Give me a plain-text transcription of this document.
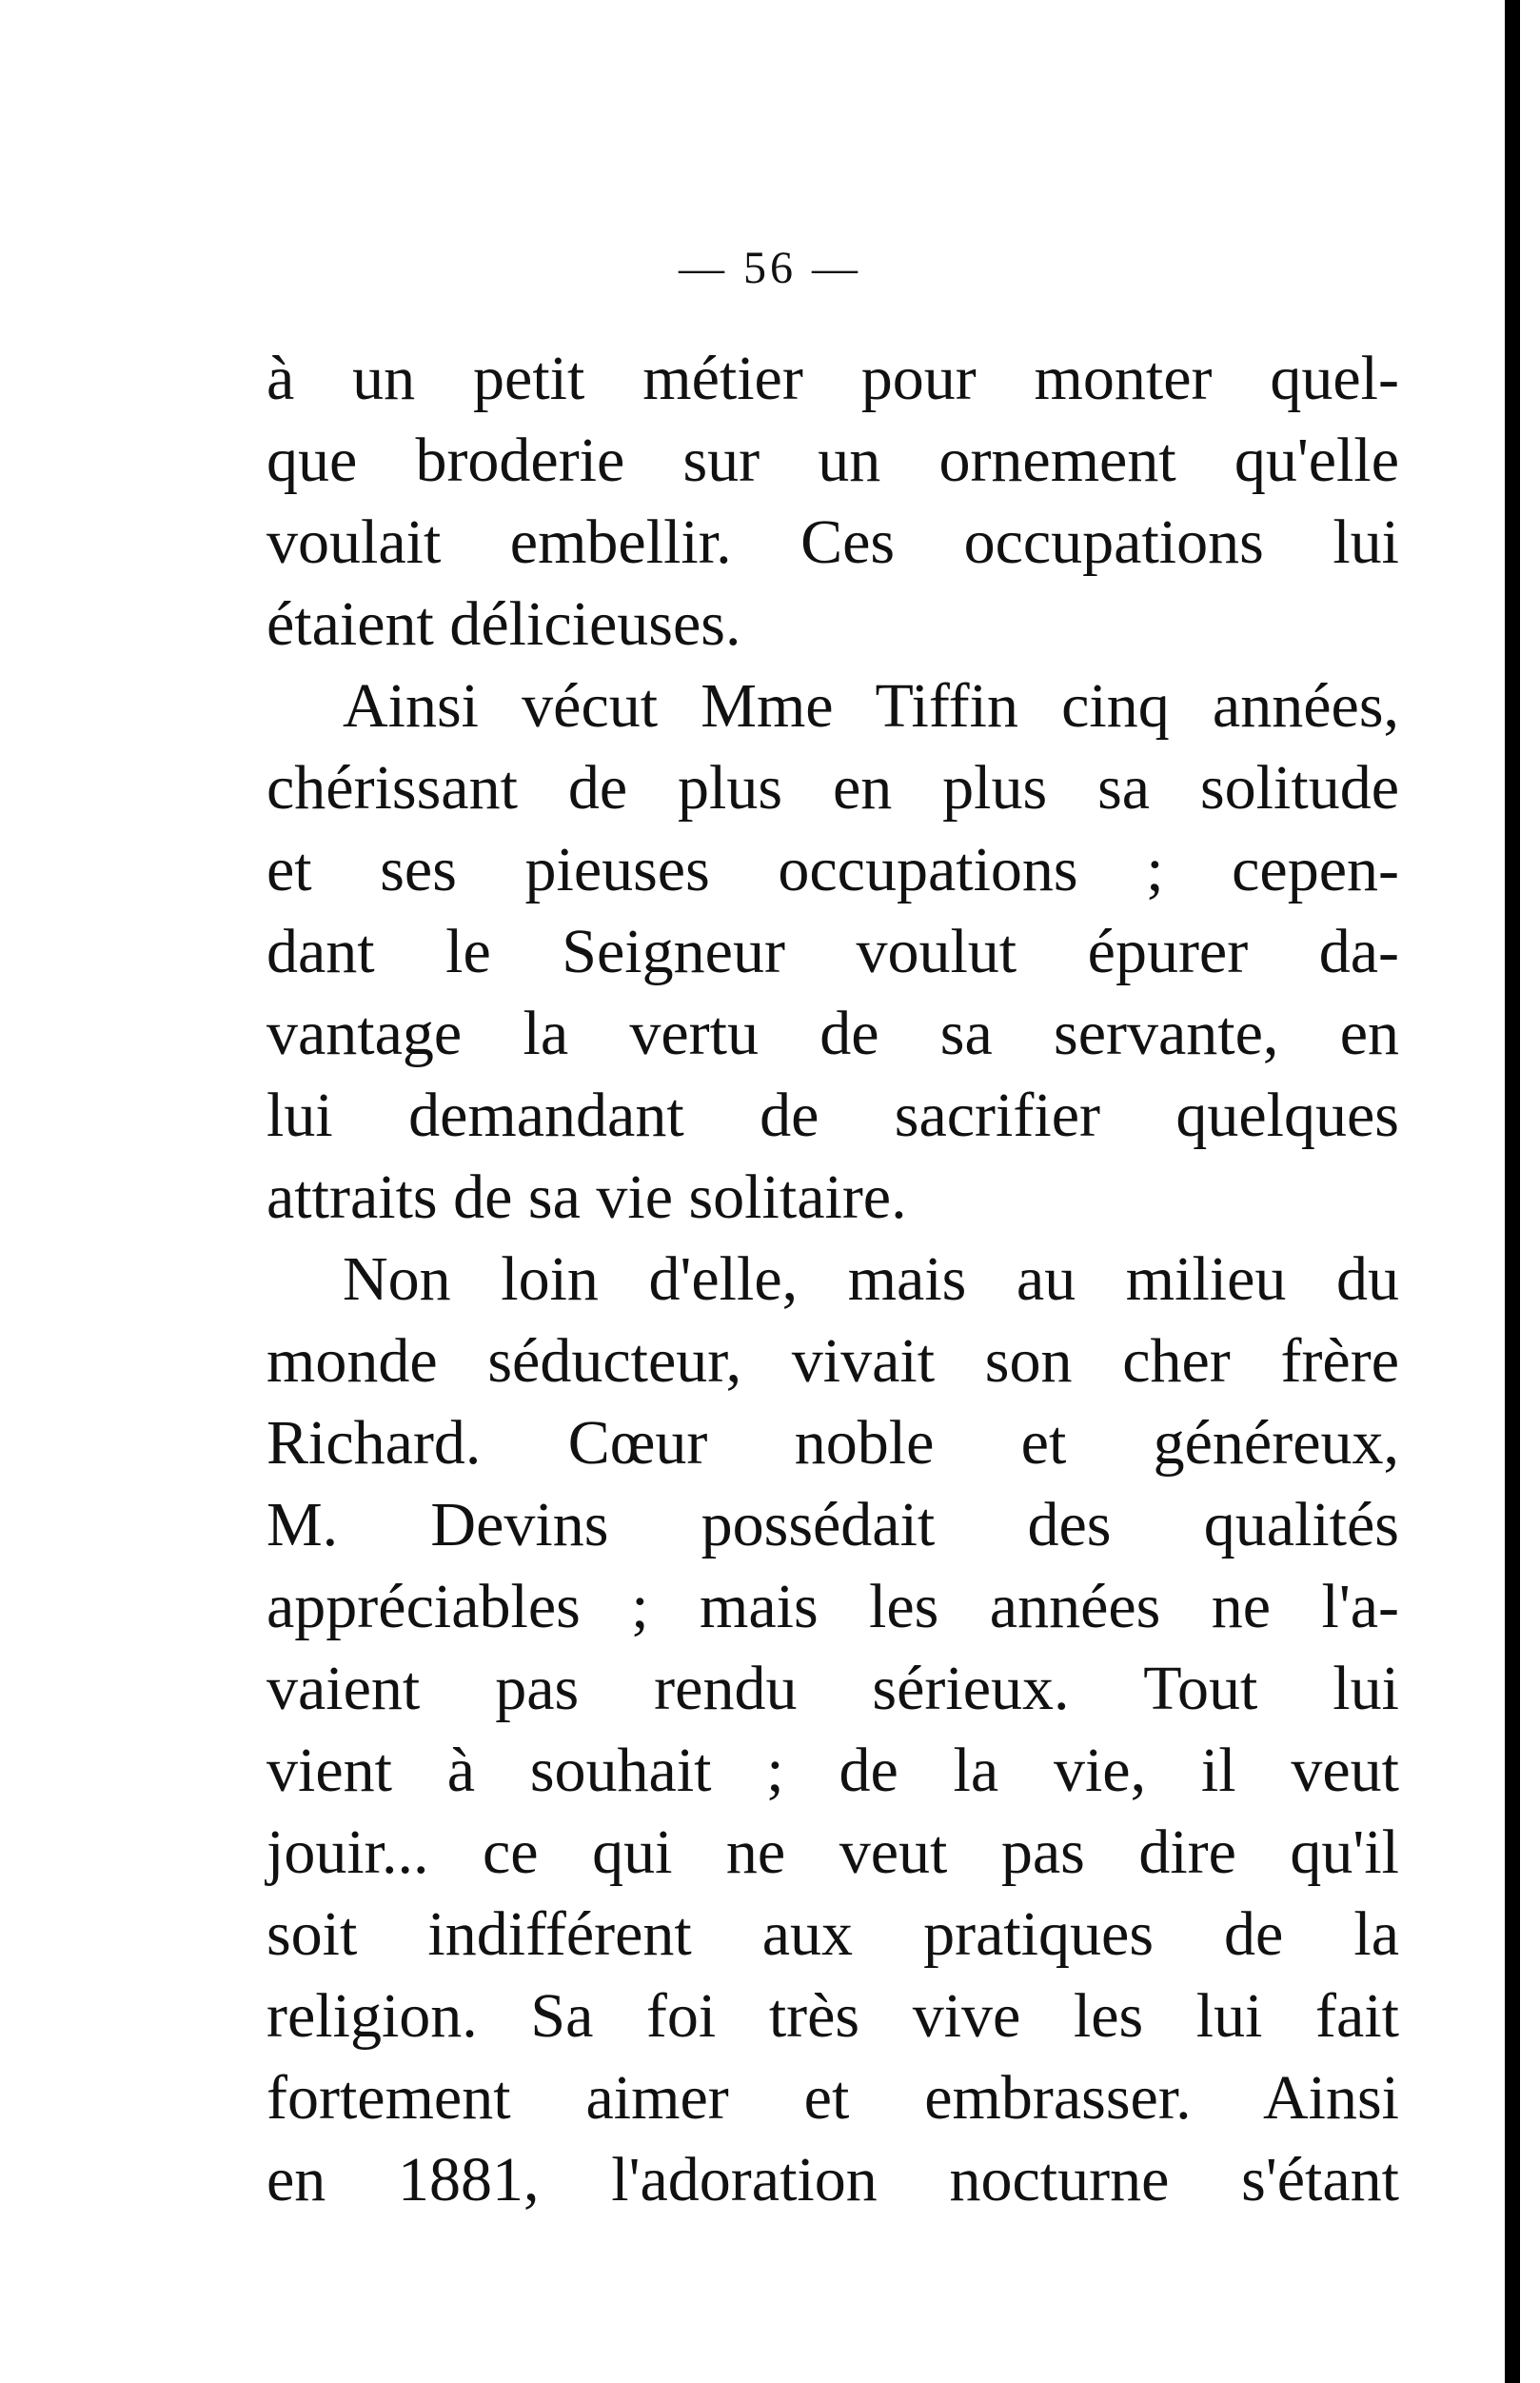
— 56 —
à un petit métier pour monter quel-
que broderie sur un ornement qu'elle
voulait embellir. Ces occupations lui
étaient délicieuses.
Ainsi vécut Mme Tiffin cinq années,
chérissant de plus en plus sa solitude
et ses pieuses occupations ; cepen-
dant le Seigneur voulut épurer da-
vantage la vertu de sa servante, en
lui demandant de sacrifier quelques
attraits de sa vie solitaire.
Non loin d'elle, mais au milieu du
monde séducteur, vivait son cher frère
Richard. Cœur noble et généreux,
M. Devins possédait des qualités
appréciables ; mais les années ne l'a-
vaient pas rendu sérieux. Tout lui
vient à souhait ; de la vie, il veut
jouir... ce qui ne veut pas dire qu'il
soit indifférent aux pratiques de la
religion. Sa foi très vive les lui fait
fortement aimer et embrasser. Ainsi
en 1881, l'adoration nocturne s'étant
